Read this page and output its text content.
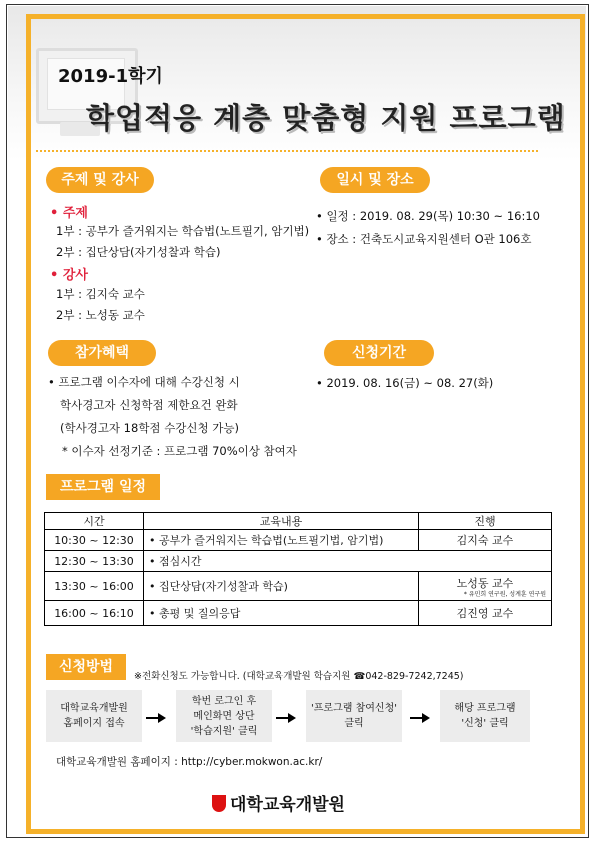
2019-1학기
학업적응 계층 맞춤형 지원 프로그램
주제 및 강사
• 주제
1부 : 공부가 즐거워지는 학습법(노트필기, 암기법)
2부 : 집단상담(자기성찰과 학습)
• 강사
1부 : 김지숙 교수
2부 : 노성동 교수
일시 및 장소
• 일정 : 2019. 08. 29(목) 10:30 ~ 16:10
• 장소 : 건축도시교육지원센터 O관 106호
참가혜택
• 프로그램 이수자에 대해 수강신청 시
학사경고자 신청학점 제한요건 완화
(학사경고자 18학점 수강신청 가능)
* 이수자 선정기준 : 프로그램 70%이상 참여자
신청기간
• 2019. 08. 16(금) ~ 08. 27(화)
프로그램 일정
시간	교육내용	진행
10:30 ~ 12:30	• 공부가 즐거워지는 학습법(노트필기법, 암기법)	김지숙 교수
12:30 ~ 13:30	• 점심시간	
13:30 ~ 16:00	• 집단상담(자기성찰과 학습)	노성동 교수
* 유민희 연구원, 성계훈 연구원

16:00 ~ 16:10	• 총평 및 질의응답	김진영 교수
신청방법
※전화신청도 가능합니다. (대학교육개발원 학습지원 ☎042-829-7242,7245)
대학교육개발원
홈페이지 접속
학번 로그인 후
메인화면 상단
'학습지원' 클릭
'프로그램 참여신청'
클릭
해당 프로그램
'신청' 클릭
대학교육개발원 홈페이지 : http://cyber.mokwon.ac.kr/
대학교육개발원
